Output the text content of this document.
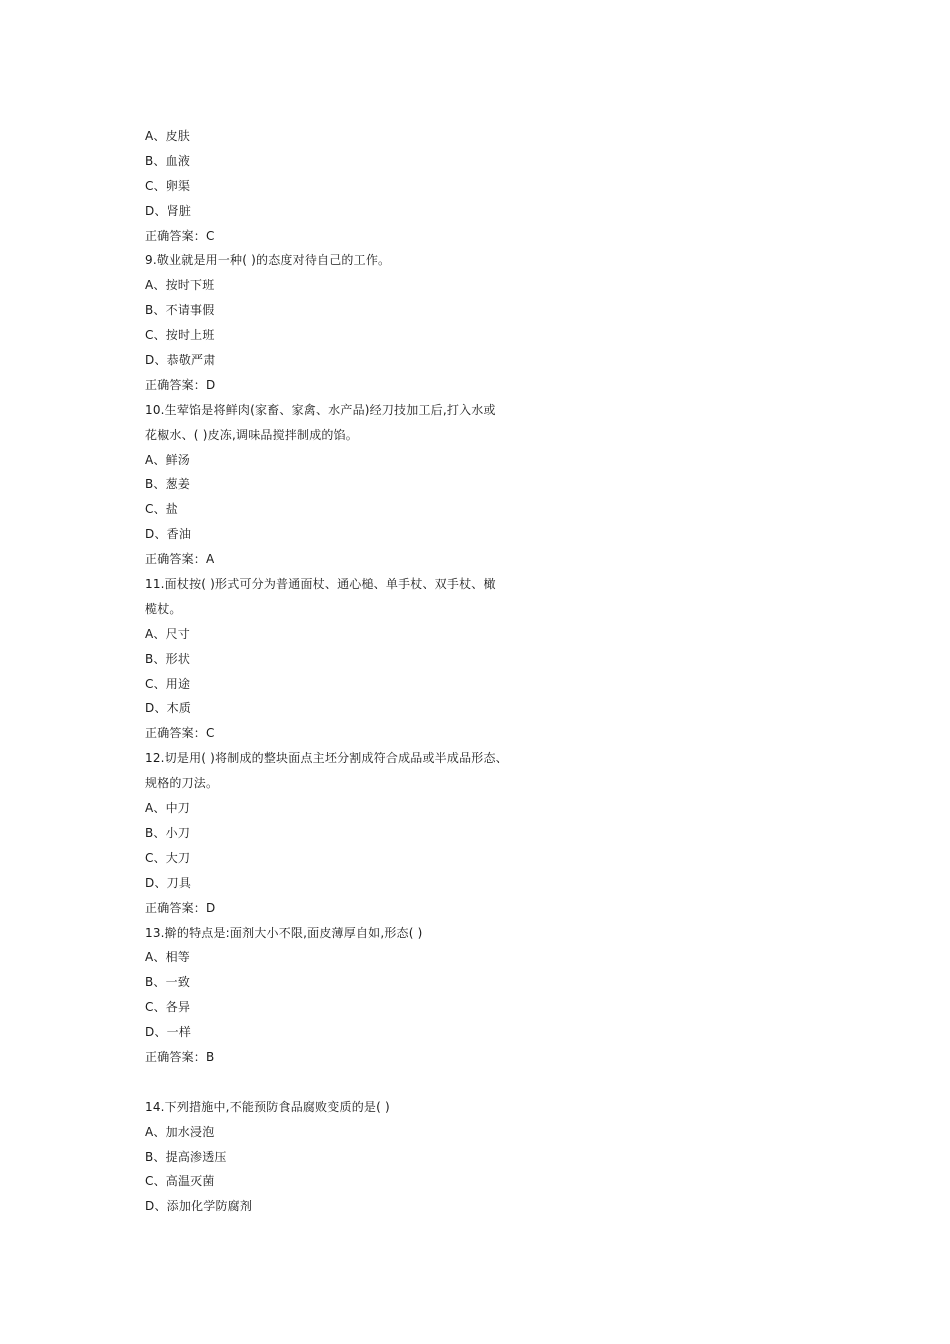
A、皮肤
B、血液
C、卵渠
D、肾脏
正确答案：C
9.敬业就是用一种( )的态度对待自己的工作。
A、按时下班
B、不请事假
C、按时上班
D、恭敬严肃
正确答案：D
10.生荤馅是将鲜肉(家畜、家禽、水产品)经刀技加工后,打入水或
花椒水、( )皮冻,调味品搅拌制成的馅。
A、鲜汤
B、葱姜
C、盐
D、香油
正确答案：A
11.面杖按( )形式可分为普通面杖、通心槌、单手杖、双手杖、橄
榄杖。
A、尺寸
B、形状
C、用途
D、木质
正确答案：C
12.切是用( )将制成的整块面点主坯分割成符合成品或半成品形态、
规格的刀法。
A、中刀
B、小刀
C、大刀
D、刀具
正确答案：D
13.擀的特点是:面剂大小不限,面皮薄厚自如,形态( )
A、相等
B、一致
C、各异
D、一样
正确答案：B
14.下列措施中,不能预防食品腐败变质的是( )
A、加水浸泡
B、提高渗透压
C、高温灭菌
D、添加化学防腐剂
